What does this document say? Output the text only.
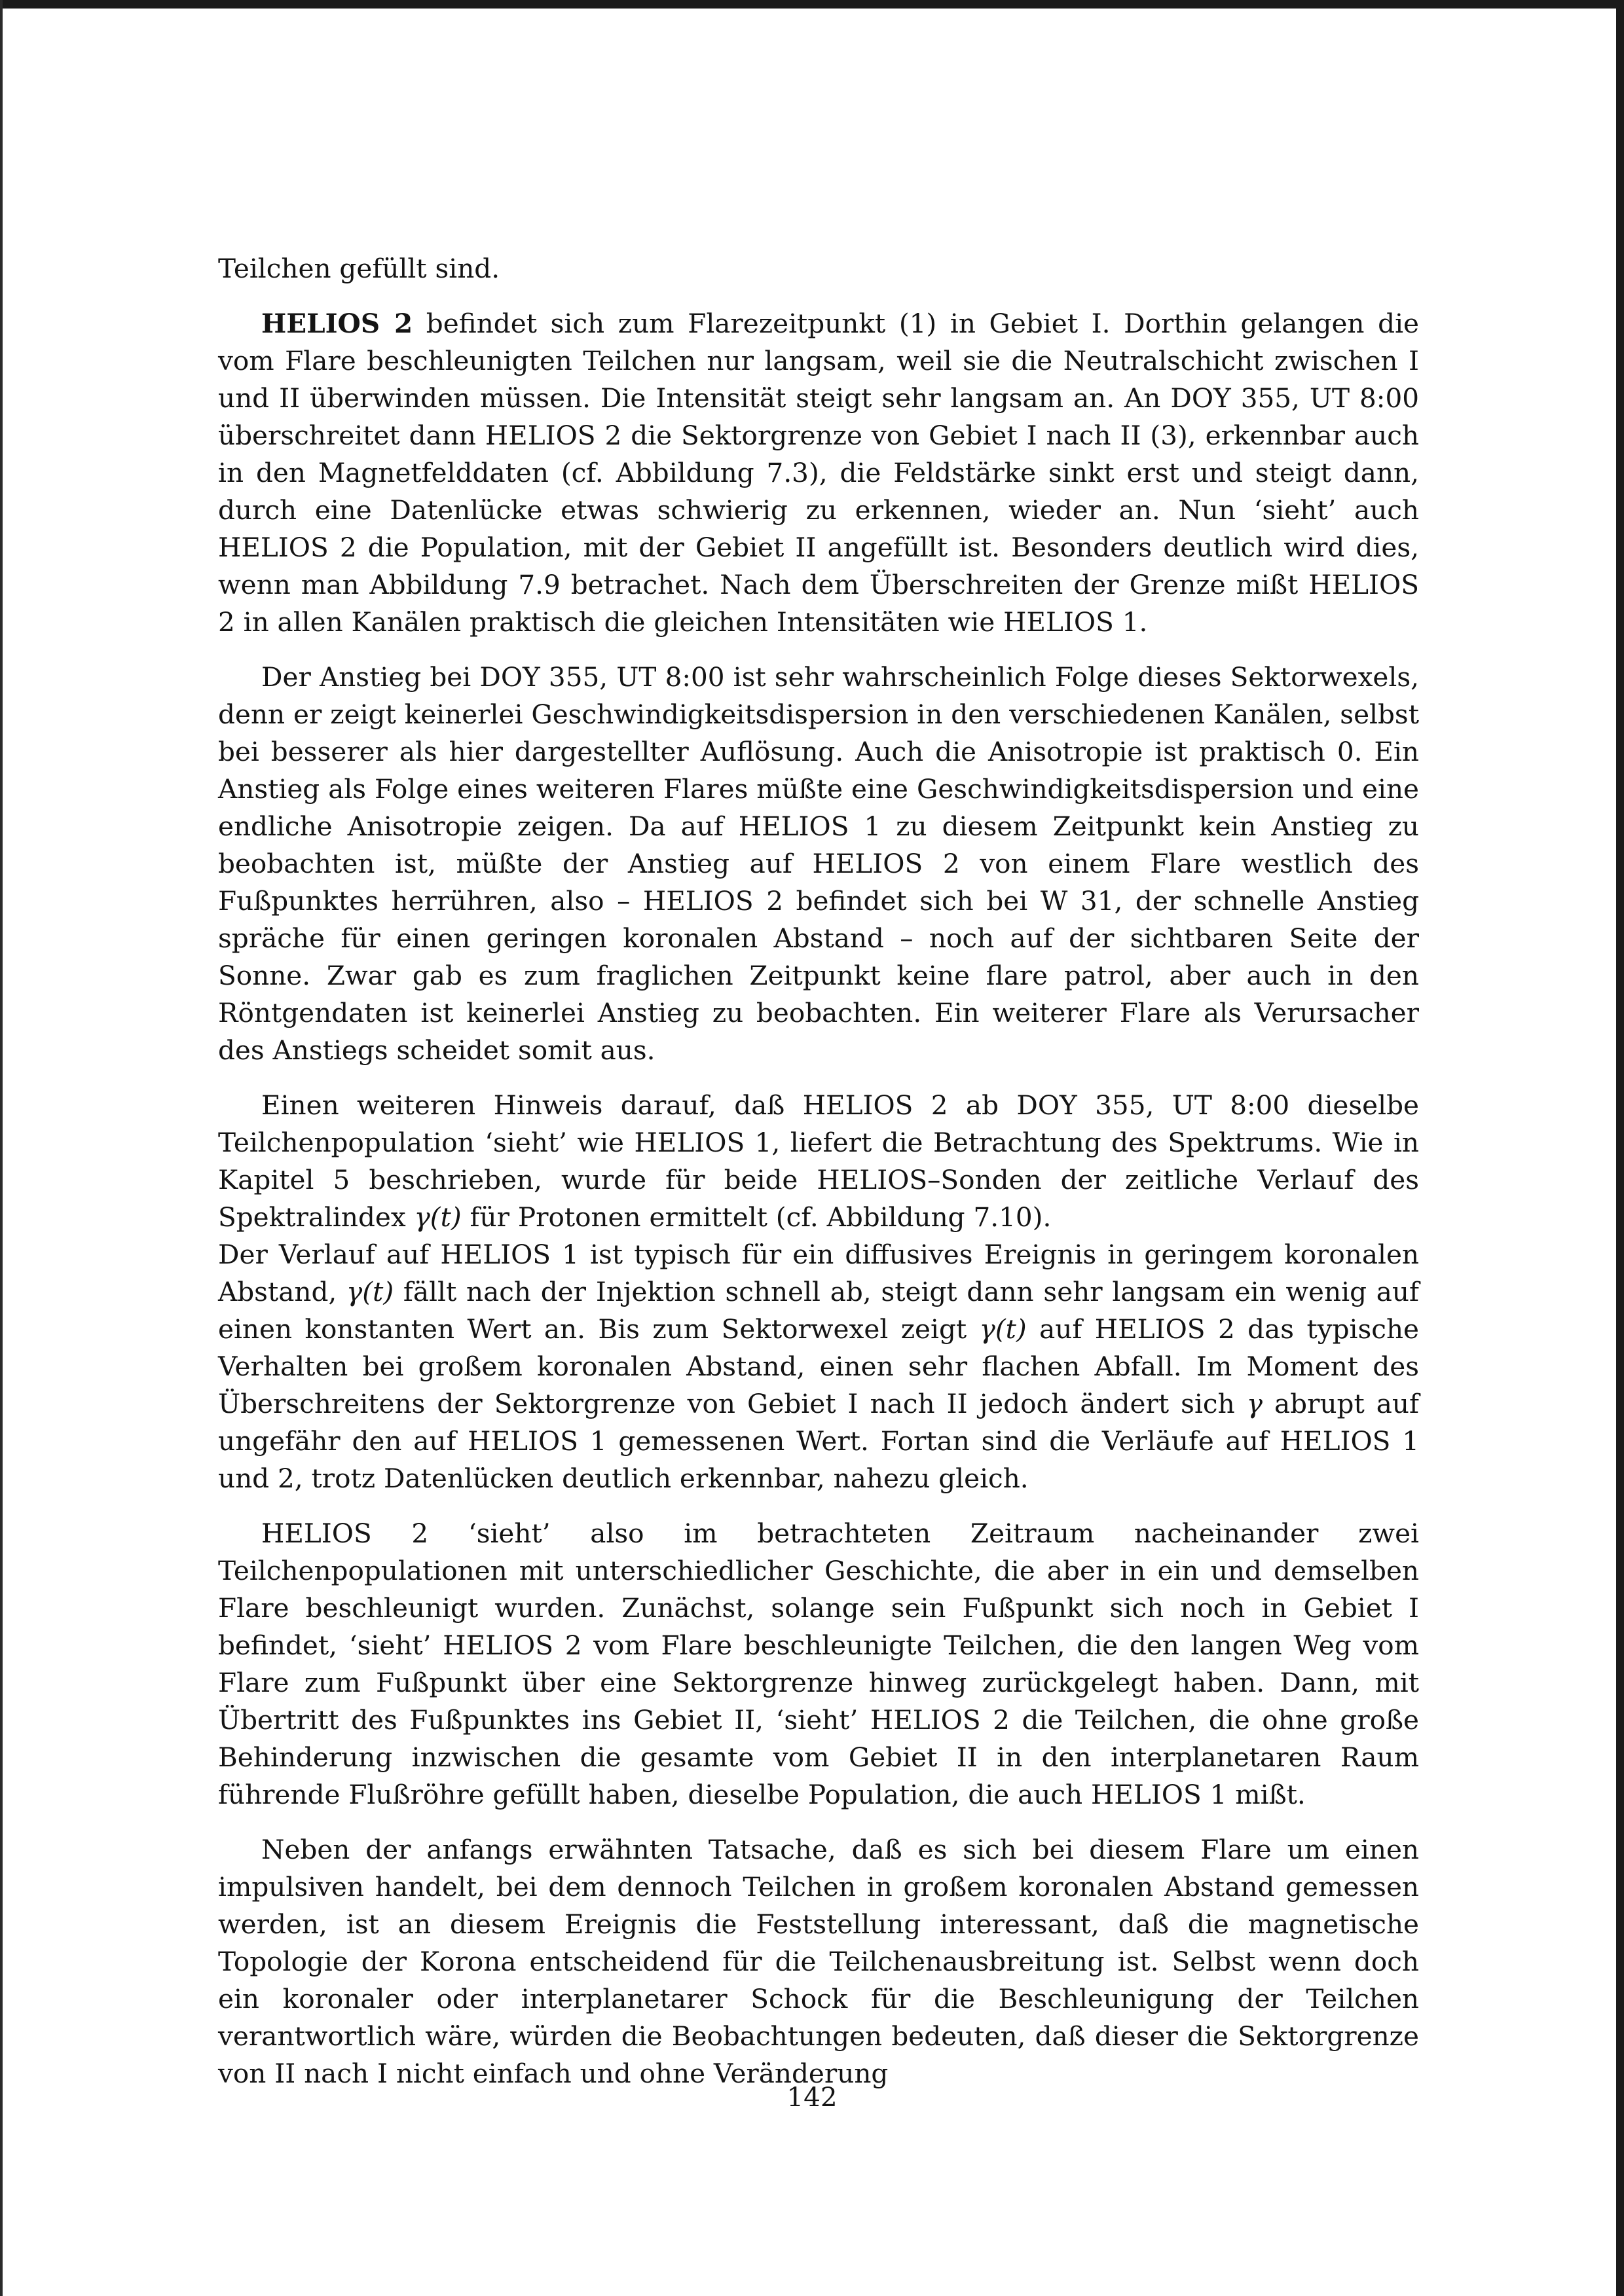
Teilchen gefüllt sind.

HELIOS 2 befindet sich zum Flarezeitpunkt (1) in Gebiet I. Dorthin gelangen die vom Flare beschleunigten Teilchen nur langsam, weil sie die Neutralschicht zwischen I und II überwinden müssen. Die Intensität steigt sehr langsam an. An DOY 355, UT 8:00 überschreitet dann HELIOS 2 die Sektorgrenze von Gebiet I nach II (3), erkennbar auch in den Magnetfelddaten (cf. Abbildung 7.3), die Feldstärke sinkt erst und steigt dann, durch eine Datenlücke etwas schwierig zu erkennen, wieder an. Nun ‘sieht’ auch HELIOS 2 die Population, mit der Gebiet II angefüllt ist. Besonders deutlich wird dies, wenn man Abbildung 7.9 betrachet. Nach dem Überschreiten der Grenze mißt HELIOS 2 in allen Kanälen praktisch die gleichen Intensitäten wie HELIOS 1.

Der Anstieg bei DOY 355, UT 8:00 ist sehr wahrscheinlich Folge dieses Sektorwexels, denn er zeigt keinerlei Geschwindigkeitsdispersion in den verschiedenen Kanälen, selbst bei besserer als hier dargestellter Auflösung. Auch die Anisotropie ist praktisch 0. Ein Anstieg als Folge eines weiteren Flares müßte eine Geschwindigkeitsdispersion und eine endliche Anisotropie zeigen. Da auf HELIOS 1 zu diesem Zeitpunkt kein Anstieg zu beobachten ist, müßte der Anstieg auf HELIOS 2 von einem Flare westlich des Fußpunktes herrühren, also – HELIOS 2 befindet sich bei W 31, der schnelle Anstieg spräche für einen geringen koronalen Abstand – noch auf der sichtbaren Seite der Sonne. Zwar gab es zum fraglichen Zeitpunkt keine flare patrol, aber auch in den Röntgendaten ist keinerlei Anstieg zu beobachten. Ein weiterer Flare als Verursacher des Anstiegs scheidet somit aus.

Einen weiteren Hinweis darauf, daß HELIOS 2 ab DOY 355, UT 8:00 dieselbe Teilchenpopulation ‘sieht’ wie HELIOS 1, liefert die Betrachtung des Spektrums. Wie in Kapitel 5 beschrieben, wurde für beide HELIOS–Sonden der zeitliche Verlauf des Spektralindex γ(t) für Protonen ermittelt (cf. Abbildung 7.10).

Der Verlauf auf HELIOS 1 ist typisch für ein diffusives Ereignis in geringem koronalen Abstand, γ(t) fällt nach der Injektion schnell ab, steigt dann sehr langsam ein wenig auf einen konstanten Wert an. Bis zum Sektorwexel zeigt γ(t) auf HELIOS 2 das typische Verhalten bei großem koronalen Abstand, einen sehr flachen Abfall. Im Moment des Überschreitens der Sektorgrenze von Gebiet I nach II jedoch ändert sich γ abrupt auf ungefähr den auf HELIOS 1 gemessenen Wert. Fortan sind die Verläufe auf HELIOS 1 und 2, trotz Datenlücken deutlich erkennbar, nahezu gleich.

HELIOS 2 ‘sieht’ also im betrachteten Zeitraum nacheinander zwei Teilchenpopulationen mit unterschiedlicher Geschichte, die aber in ein und demselben Flare beschleunigt wurden. Zunächst, solange sein Fußpunkt sich noch in Gebiet I befindet, ‘sieht’ HELIOS 2 vom Flare beschleunigte Teilchen, die den langen Weg vom Flare zum Fußpunkt über eine Sektorgrenze hinweg zurückgelegt haben. Dann, mit Übertritt des Fußpunktes ins Gebiet II, ‘sieht’ HELIOS 2 die Teilchen, die ohne große Behinderung inzwischen die gesamte vom Gebiet II in den interplanetaren Raum führende Flußröhre gefüllt haben, dieselbe Population, die auch HELIOS 1 mißt.

Neben der anfangs erwähnten Tatsache, daß es sich bei diesem Flare um einen impulsiven handelt, bei dem dennoch Teilchen in großem koronalen Abstand gemessen werden, ist an diesem Ereignis die Feststellung interessant, daß die magnetische Topologie der Korona entscheidend für die Teilchenausbreitung ist. Selbst wenn doch ein koronaler oder interplanetarer Schock für die Beschleunigung der Teilchen verantwortlich wäre, würden die Beobachtungen bedeuten, daß dieser die Sektorgrenze von II nach I nicht einfach und ohne Veränderung

142
